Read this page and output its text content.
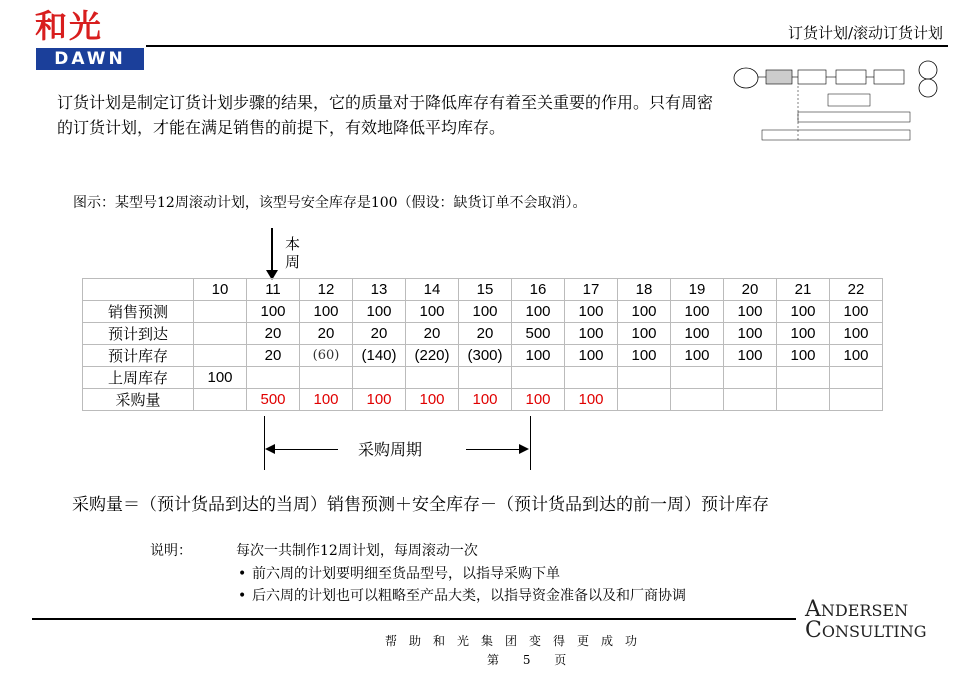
和光
DAWN
订货计划/滚动订货计划
订货计划是制定订货计划步骤的结果，它的质量对于降低库存有着至关重要的作用。只有周密的订货计划，才能在满足销售的前提下，有效地降低平均库存。
图示：某型号12周滚动计划，该型号安全库存是100（假设：缺货订单不会取消）。
本周
	10	11	12	13	14	15	16	17	18	19	20	21	22
销售预测		100	100	100	100	100	100	100	100	100	100	100	100
预计到达		20	20	20	20	20	500	100	100	100	100	100	100
预计库存		20	(60)	(140)	(220)	(300)	100	100	100	100	100	100	100
上周库存	100												
采购量		500	100	100	100	100	100	100					
采购周期
采购量＝（预计货品到达的当周）销售预测＋安全库存－（预计货品到达的前一周）预计库存
说明：	每次一共制作12周计划，每周滚动一次
• 前六周的计划要明细至货品型号，以指导采购下单
• 后六周的计划也可以粗略至产品大类，以指导资金准备以及和厂商协调
ANDERSEN
CONSULTING
帮助和光集团变得更成功
第 5 页
